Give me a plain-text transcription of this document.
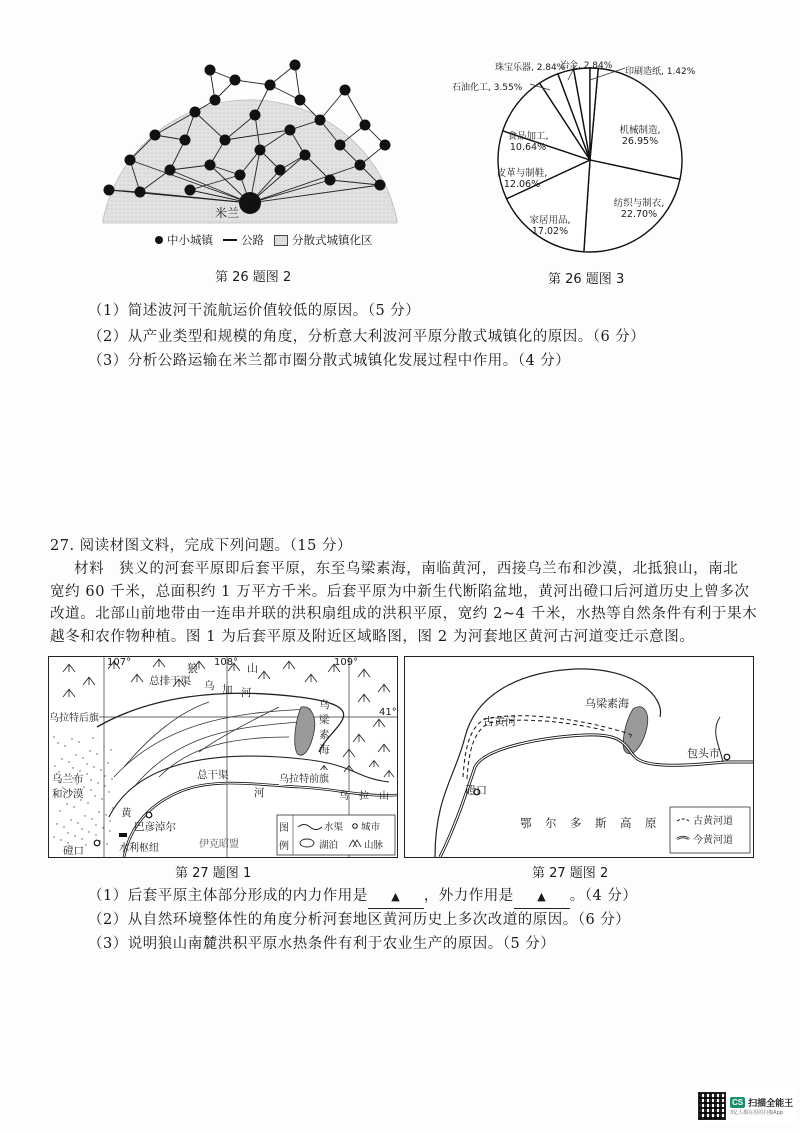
米兰
中小城镇 公路 分散式城镇化区
第 26 题图 2
珠宝乐器, 2.84%
冶金, 2.84%
印刷造纸, 1.42%
石油化工, 3.55%
机械制造,
26.95%
纺织与制衣,
22.70%
家居用品,
17.02%
皮革与制鞋,
12.06%
食品加工,
10.64%
第 26 题图 3
（1）简述波河干流航运价值较低的原因。（5 分）
（2）从产业类型和规模的角度，分析意大利波河平原分散式城镇化的原因。（6 分）
（3）分析公路运输在米兰都市圈分散式城镇化发展过程中作用。（4 分）
27. 阅读材图文料，完成下列问题。（15 分）
材料　狭义的河套平原即后套平原，东至乌梁素海，南临黄河，西接乌兰布和沙漠，北抵狼山，南北
宽约 60 千米，总面积约 1 万平方千米。后套平原为中新生代断陷盆地，黄河出磴口后河道历史上曾多次
改道。北部山前地带由一连串并联的洪积扇组成的洪积平原，宽约 2~4 千米，水热等自然条件有利于果木
越冬和农作物种植。图 1 为后套平原及附近区域略图，图 2 为河套地区黄河古河道变迁示意图。
107°	108°	109°
41°
狼	山
总排干渠 乌 加 河
乌拉特后旗
乌
梁
素
海
乌兰布
和沙漠
总干渠	乌拉特前旗
乌　拉　山
巴彦淖尔
黄
河
磴口	水利枢纽	伊克昭盟
图
例
水渠
湖泊
城市
山脉
第 27 题图 1
乌梁素海
古黄河
包头市
磴口
鄂　尔　多　斯　高　原	古黄河道
今黄河道
第 27 题图 2
（1）后套平原主体部分形成的内力作用是 ▲ ，外力作用是 ▲ 。（4 分）
（2）从自然环境整体性的角度分析河套地区黄河历史上多次改道的原因。（6 分）
（3）说明狼山南麓洪积平原水热条件有利于农业生产的原因。（5 分）
CS 扫描全能王
3亿人都在用的扫描App
